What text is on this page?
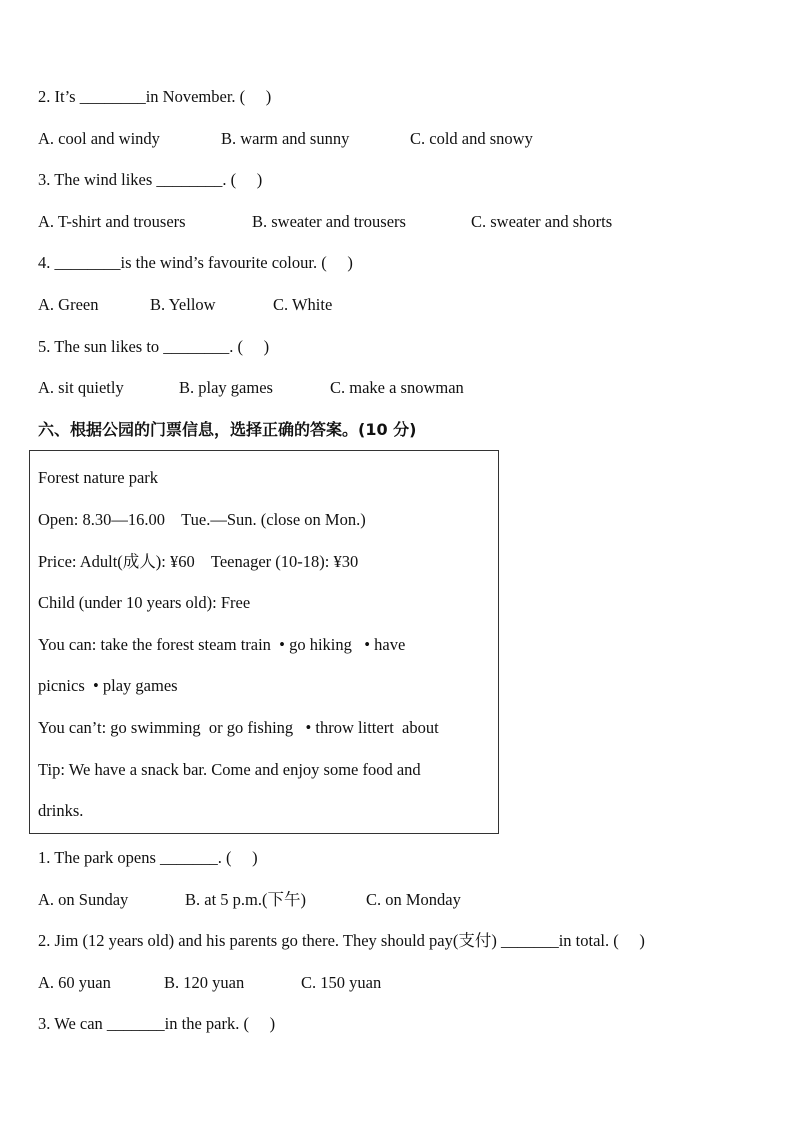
2. It’s ________in November. (     )

A. cool and windy

	B. warm and sunny

	C. cold and snowy

3. The wind likes ________. (     )

A. T-shirt and trousers

	B. sweater and trousers

	C. sweater and shorts

4. ________is the wind’s favourite colour. (     )

A. Green

	B. Yellow

	C. White

5. The sun likes to ________. (     )

A. sit quietly

	B. play games

	C. make a snowman

六、根据公园的门票信息，选择正确的答案。(10 分)
Forest nature park
Open: 8.30—16.00    Tue.—Sun. (close on Mon.)
Price: Adult(成人): ¥60    Teenager (10-18): ¥30
Child (under 10 years old): Free
You can: take the forest steam train  • go hiking   • have
picnics  • play games
You can’t: go swimming  or go fishing   • throw littert  about
Tip: We have a snack bar. Come and enjoy some food and
drinks.
1. The park opens _______. (     )

A. on Sunday

	B. at 5 p.m.(下午)

	C. on Monday

2. Jim (12 years old) and his parents go there. They should pay(支付) _______in total. (     )

A. 60 yuan

	B. 120 yuan

	C. 150 yuan

3. We can _______in the park. (     )
